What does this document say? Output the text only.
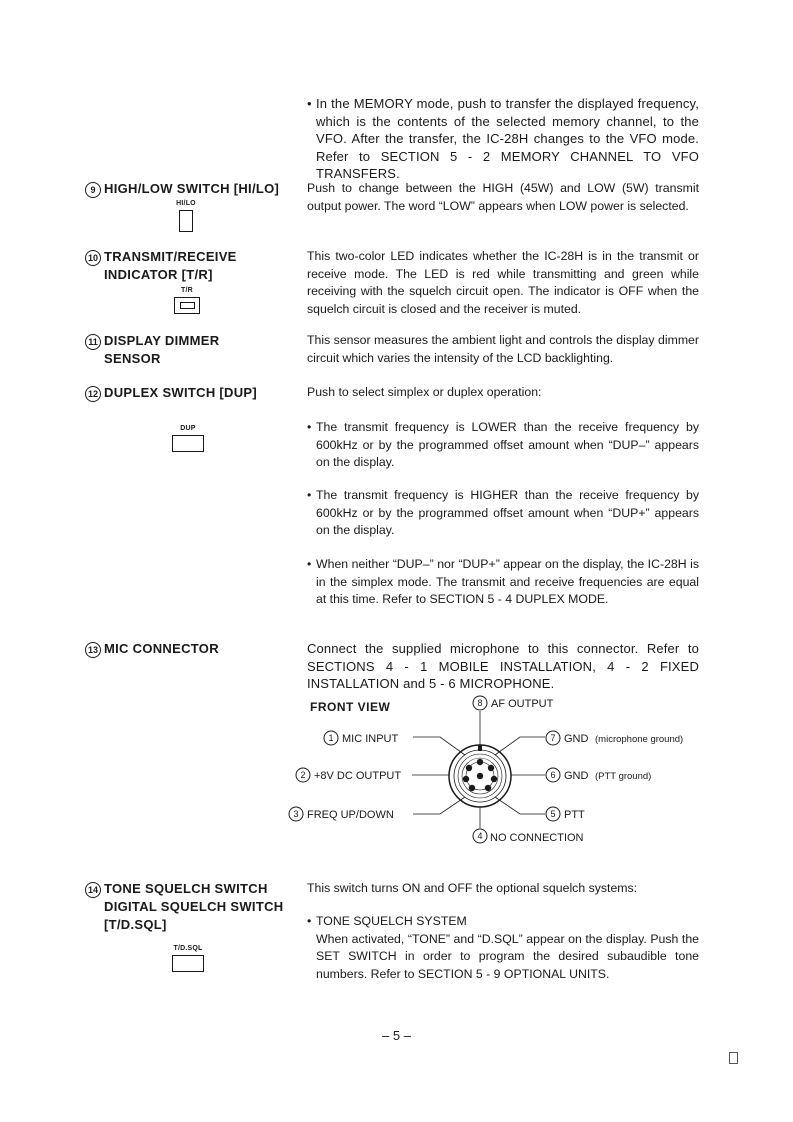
• In the MEMORY mode, push to transfer the displayed frequency, which is the contents of the selected memory channel, to the VFO. After the transfer, the IC-28H changes to the VFO mode. Refer to SECTION 5 - 2 MEMORY CHANNEL TO VFO TRANSFERS.
9 HIGH/LOW SWITCH [HI/LO]
HI/LO
Push to change between the HIGH (45W) and LOW (5W) transmit output power. The word “LOW” appears when LOW power is selected.
10 TRANSMIT/RECEIVE
INDICATOR [T/R]
T/R
This two-color LED indicates whether the IC-28H is in the transmit or receive mode. The LED is red while transmitting and green while receiving with the squelch circuit open. The indicator is OFF when the squelch circuit is closed and the receiver is muted.
11 DISPLAY DIMMER
SENSOR
This sensor measures the ambient light and controls the display dimmer circuit which varies the intensity of the LCD backlighting.
12 DUPLEX SWITCH [DUP]
DUP
Push to select simplex or duplex operation:
• The transmit frequency is LOWER than the receive frequency by 600kHz or by the programmed offset amount when “DUP–” appears on the display.
• The transmit frequency is HIGHER than the receive frequency by 600kHz or by the programmed offset amount when “DUP+” appears on the display.
• When neither “DUP–” nor “DUP+” appear on the display, the IC-28H is in the simplex mode. The transmit and receive frequencies are equal at this time. Refer to SECTION 5 - 4 DUPLEX MODE.
13 MIC CONNECTOR	Connect the supplied microphone to this connector. Refer to SECTIONS 4 - 1 MOBILE INSTALLATION, 4 - 2 FIXED INSTALLATION and 5 - 6 MICROPHONE.
FRONT VIEW	8 AF OUTPUT
1 MIC INPUT	7 GND (microphone ground)
2 +8V DC OUTPUT	6 GND (PTT ground)
3 FREQ UP/DOWN	5 PTT
4 NO CONNECTION
14 TONE SQUELCH SWITCH
DIGITAL SQUELCH SWITCH
[T/D.SQL]
T/D.SQL
This switch turns ON and OFF the optional squelch systems:
• TONE SQUELCH SYSTEM
When activated, “TONE” and “D.SQL” appear on the display. Push the SET SWITCH in order to program the desired subaudible tone numbers. Refer to SECTION 5 - 9 OPTIONAL UNITS.
– 5 –
